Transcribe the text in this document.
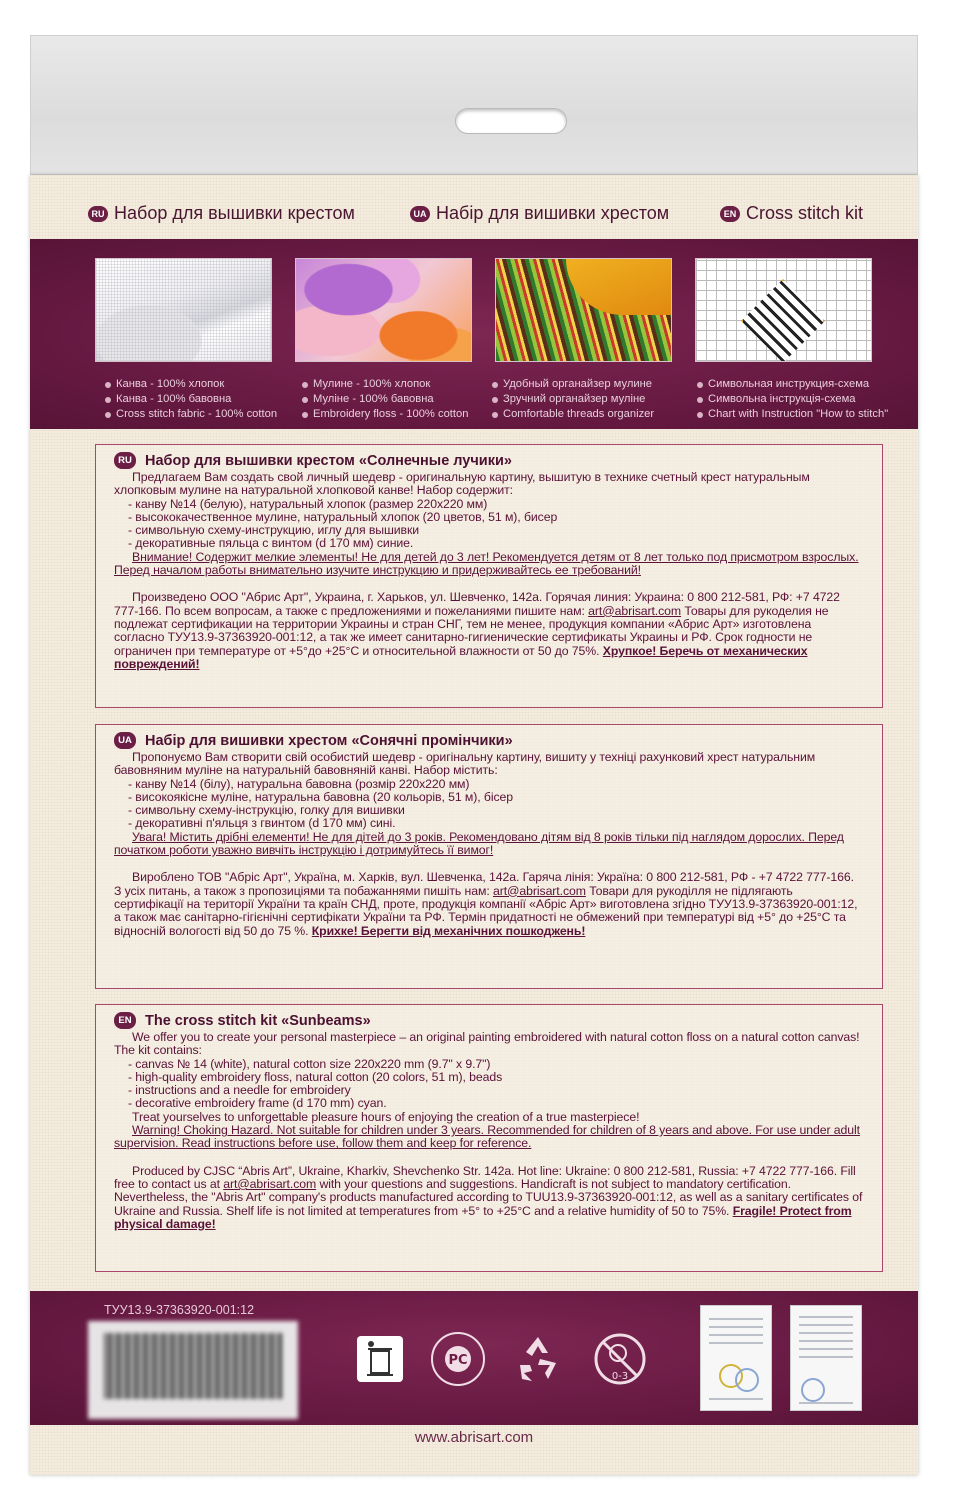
RU Набор для вышивки крестом	UA Набір для вишивки хрестом	EN Cross stitch kit
Канва - 100% хлопок
Канва - 100% бавовна
Cross stitch fabric - 100% cotton
Мулине - 100% хлопок
Муліне - 100% бавовна
Embroidery floss - 100% cotton
Удобный органайзер мулине
Зручний органайзер муліне
Comfortable threads organizer
Символьная инструкция-схема
Символьна інструкція-схема
Chart with Instruction "How to stitch"
RU Набор для вышивки крестом «Солнечные лучики»

Предлагаем Вам создать свой личный шедевр - оригинальную картину, вышитую в технике счетный крест натуральным хлопковым мулине на натуральной хлопковой канве! Набор содержит:

- канву №14 (белую), натуральный хлопок (размер 220х220 мм)
- высококачественное мулине, натуральный хлопок (20 цветов, 51 м), бисер
- символьную схему-инструкцию, иглу для вышивки
- декоративные пяльца с винтом (d 170 мм) синие.

Внимание! Содержит мелкие элементы! Не для детей до 3 лет! Рекомендуется детям от 8 лет только под присмотром взрослых. Перед началом работы внимательно изучите инструкцию и придерживайтесь ее требований!

Произведено ООО "Абрис Арт", Украина, г. Харьков, ул. Шевченко, 142а. Горячая линия: Украина: 0 800 212-581, РФ: +7 4722 777-166. По всем вопросам, а также с предложениями и пожеланиями пишите нам: art@abrisart.com Товары для рукоделия не подлежат сертификации на территории Украины и стран СНГ, тем не менее, продукция компании «Абрис Арт» изготовлена согласно ТУУ13.9-37363920-001:12, а так же имеет санитарно-гигиенические сертификаты Украины и РФ. Срок годности не ограничен при температуре от +5°до +25°С и относительной влажности от 50 до 75%. Хрупкое! Беречь от механических повреждений!

UA Набір для вишивки хрестом «Сонячні промінчики»

Пропонуємо Вам створити свій особистий шедевр - оригінальну картину, вишиту у техніці рахунковий хрест натуральним бавовняним муліне на натуральній бавовняній канві. Набор містить:

- канву №14 (білу), натуральна бавовна (розмір 220х220 мм)
- високоякісне муліне, натуральна бавовна (20 кольорів, 51 м), бісер
- символьну схему-інструкцію, голку для вишивки
- декоративні п'яльця з гвинтом (d 170 мм) сині.

Увага! Містить дрібні елементи! Не для дітей до 3 років. Рекомендовано дітям від 8 років тільки під наглядом дорослих. Перед початком роботи уважно вивчіть інструкцію і дотримуйтесь її вимог!

Вироблено ТОВ "Абріс Арт", Україна, м. Харків, вул. Шевченка, 142а. Гаряча лінія: Україна: 0 800 212-581, РФ - +7 4722 777-166. З усіх питань, а також з пропозиціями та побажаннями пишіть нам: art@abrisart.com Товари для рукоділля не підлягають сертифікації на території України та країн СНД, проте, продукція компанії «Абріс Арт» виготовлена згідно ТУУ13.9-37363920-001:12, а також має санітарно-гігієнічні сертифікати України та РФ. Термін придатності не обмежений при температурі від +5° до +25°С та відносній вологості від 50 до 75 %. Крихке! Берегти від механічних пошкоджень!

EN The cross stitch kit «Sunbeams»

We offer you to create your personal masterpiece – an original painting embroidered with natural cotton floss on a natural cotton canvas! The kit contains:

- canvas № 14 (white), natural cotton size 220x220 mm (9.7" x 9.7")
- high-quality embroidery floss, natural cotton (20 colors, 51 m), beads
- instructions and a needle for embroidery
- decorative embroidery frame (d 170 mm) cyan.

Treat yourselves to unforgettable pleasure hours of enjoying the creation of a true masterpiece!

Warning! Choking Hazard. Not suitable for children under 3 years. Recommended for children of 8 years and above. For use under adult supervision. Read instructions before use, follow them and keep for reference.

Produced by CJSC “Abris Art”, Ukraine, Kharkiv, Shevchenko Str. 142a. Hot line: Ukraine: 0 800 212-581, Russia: +7 4722 777-166. Fill free to contact us at art@abrisart.com with your questions and suggestions. Handicraft is not subject to mandatory certification. Nevertheless, the "Abris Art" company's products manufactured according to TUU13.9-37363920-001:12, as well as a sanitary certificates of Ukraine and Russia. Shelf life is not limited at temperatures from +5° to +25°C and a relative humidity of 50 to 75%. Fragile! Protect from physical damage!

ТУУ13.9-37363920-001:12
PC
0-3
www.abrisart.com
